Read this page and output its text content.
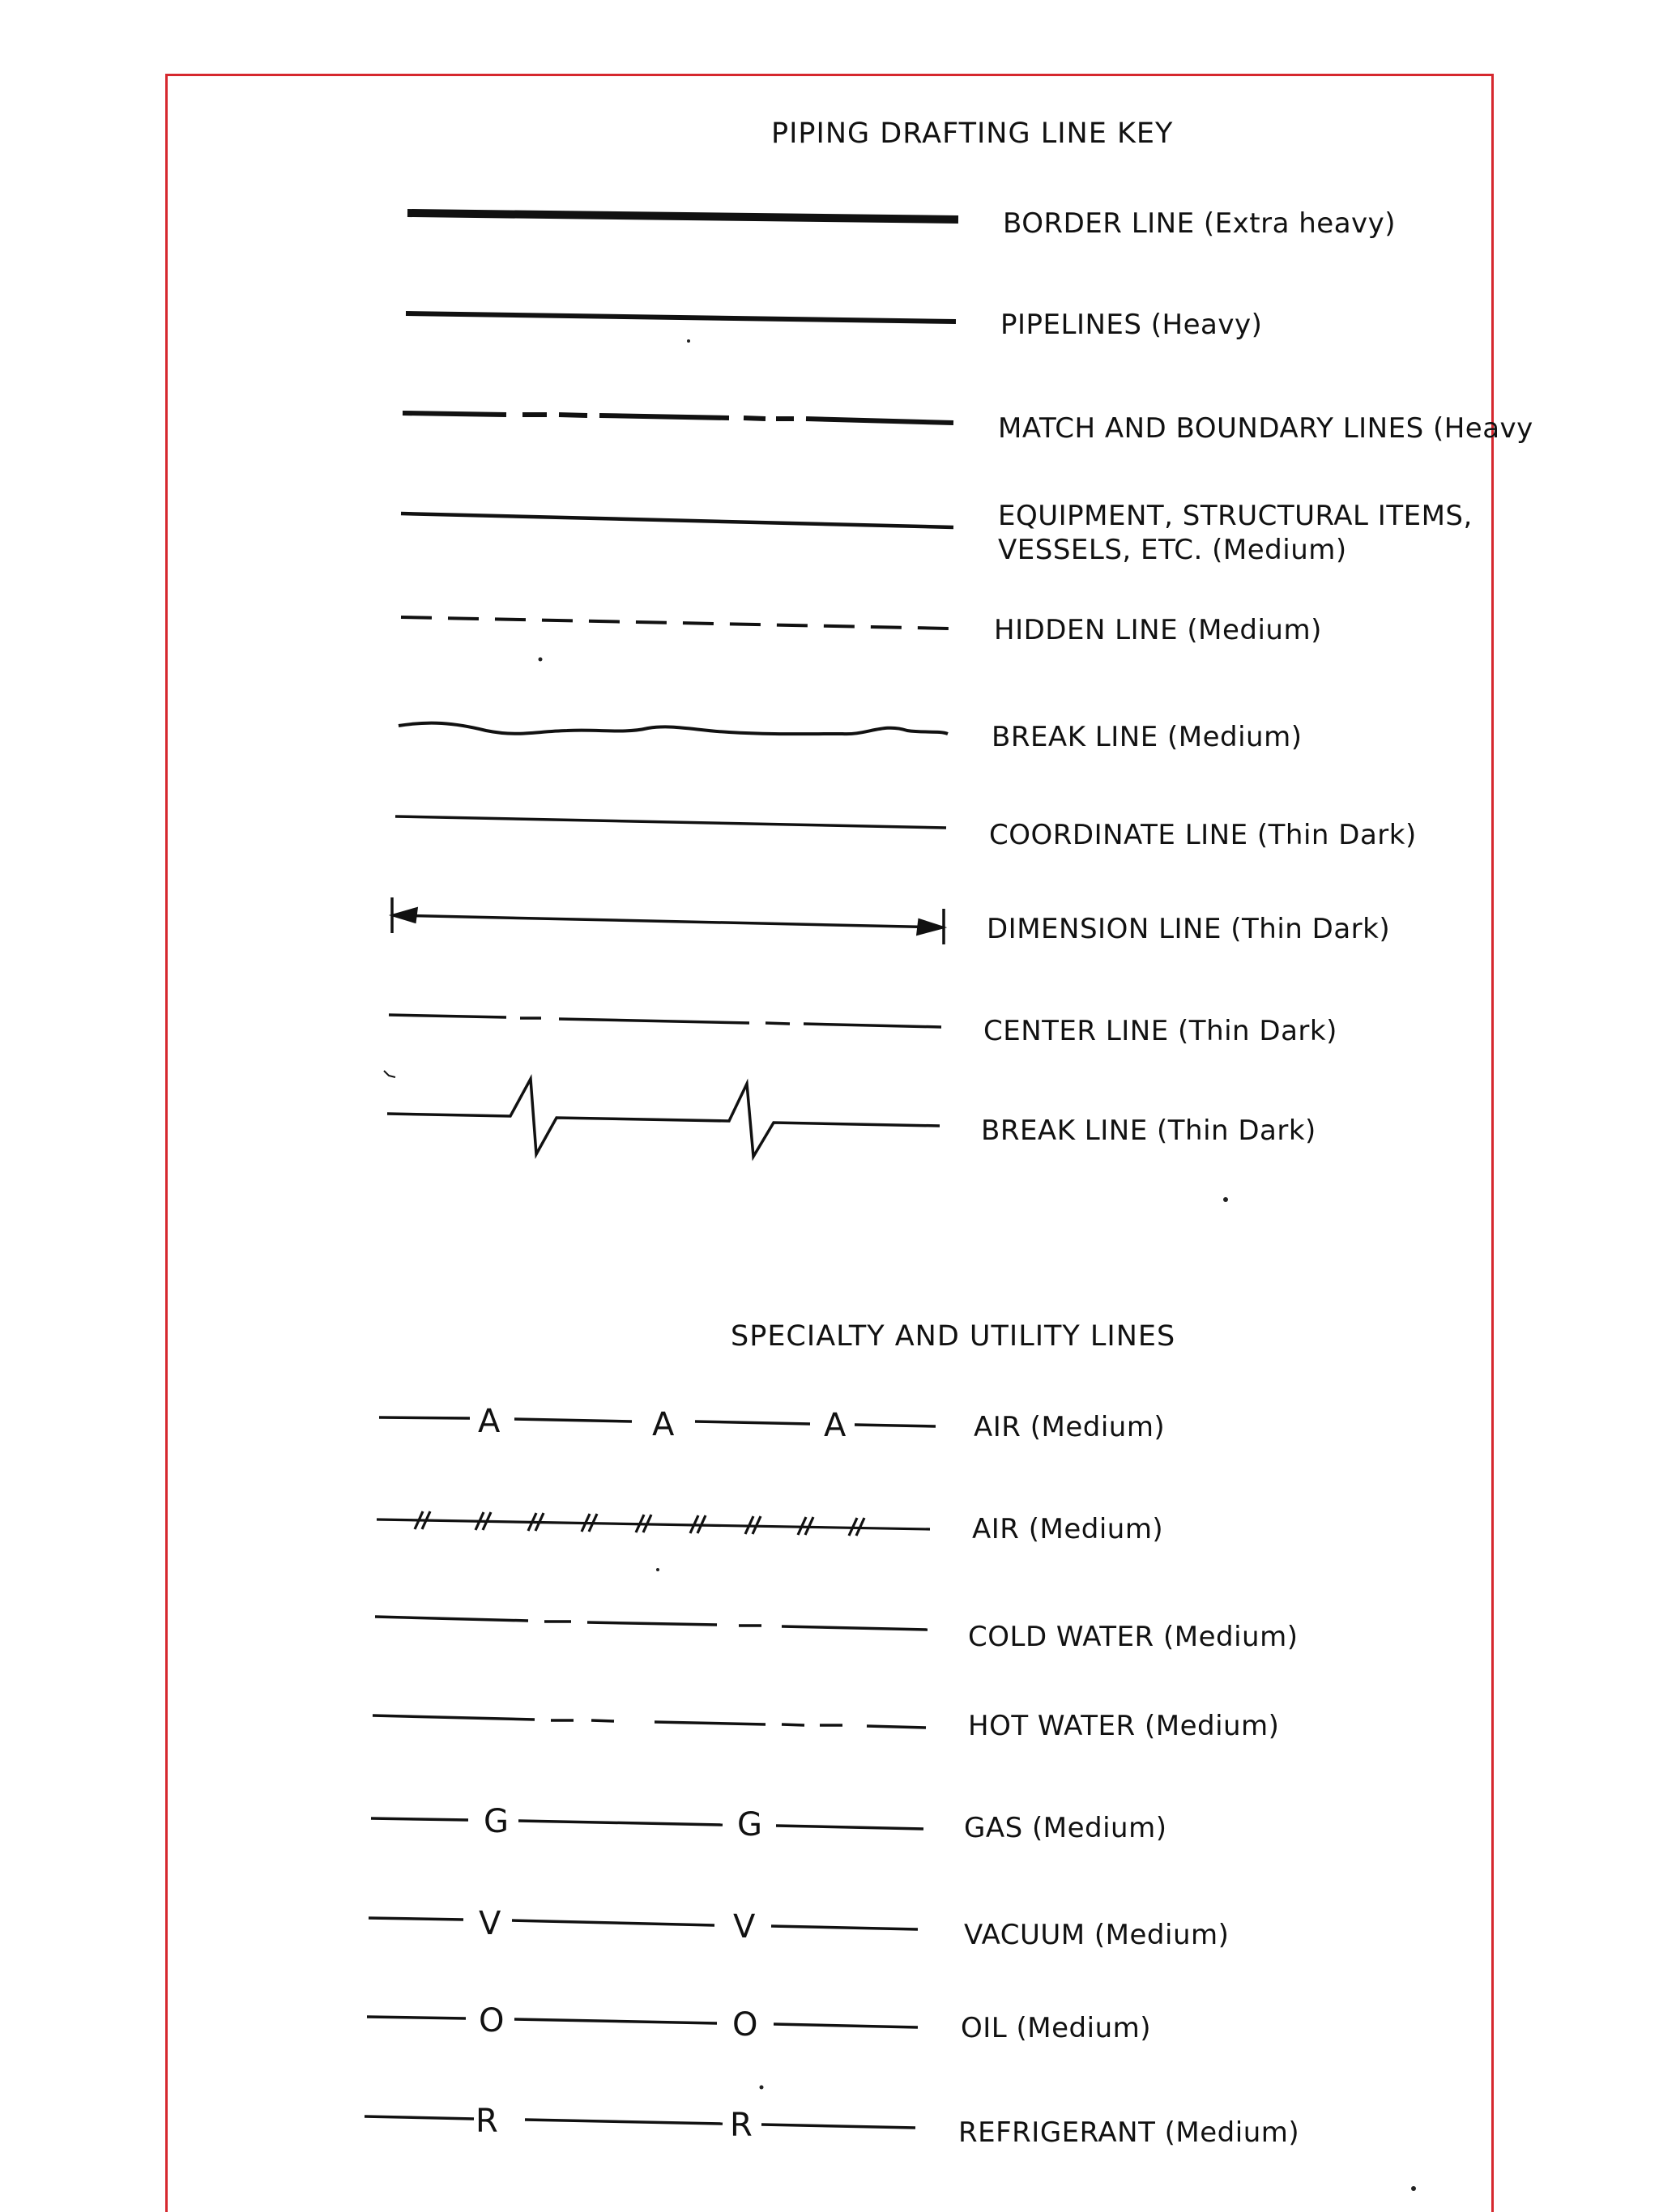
A	A	A
G	G
V	V
O	O
R	R
PIPING DRAFTING LINE KEY
SPECIALTY AND UTILITY LINES
BORDER LINE (Extra heavy)
PIPELINES (Heavy)
MATCH AND BOUNDARY LINES (Heavy
EQUIPMENT, STRUCTURAL ITEMS,
VESSELS, ETC. (Medium)
HIDDEN LINE (Medium)
BREAK LINE (Medium)
COORDINATE LINE (Thin Dark)
DIMENSION LINE (Thin Dark)
CENTER LINE (Thin Dark)
BREAK LINE (Thin Dark)
AIR (Medium)
AIR (Medium)
COLD WATER (Medium)
HOT WATER (Medium)
GAS (Medium)
VACUUM (Medium)
OIL (Medium)
REFRIGERANT (Medium)
